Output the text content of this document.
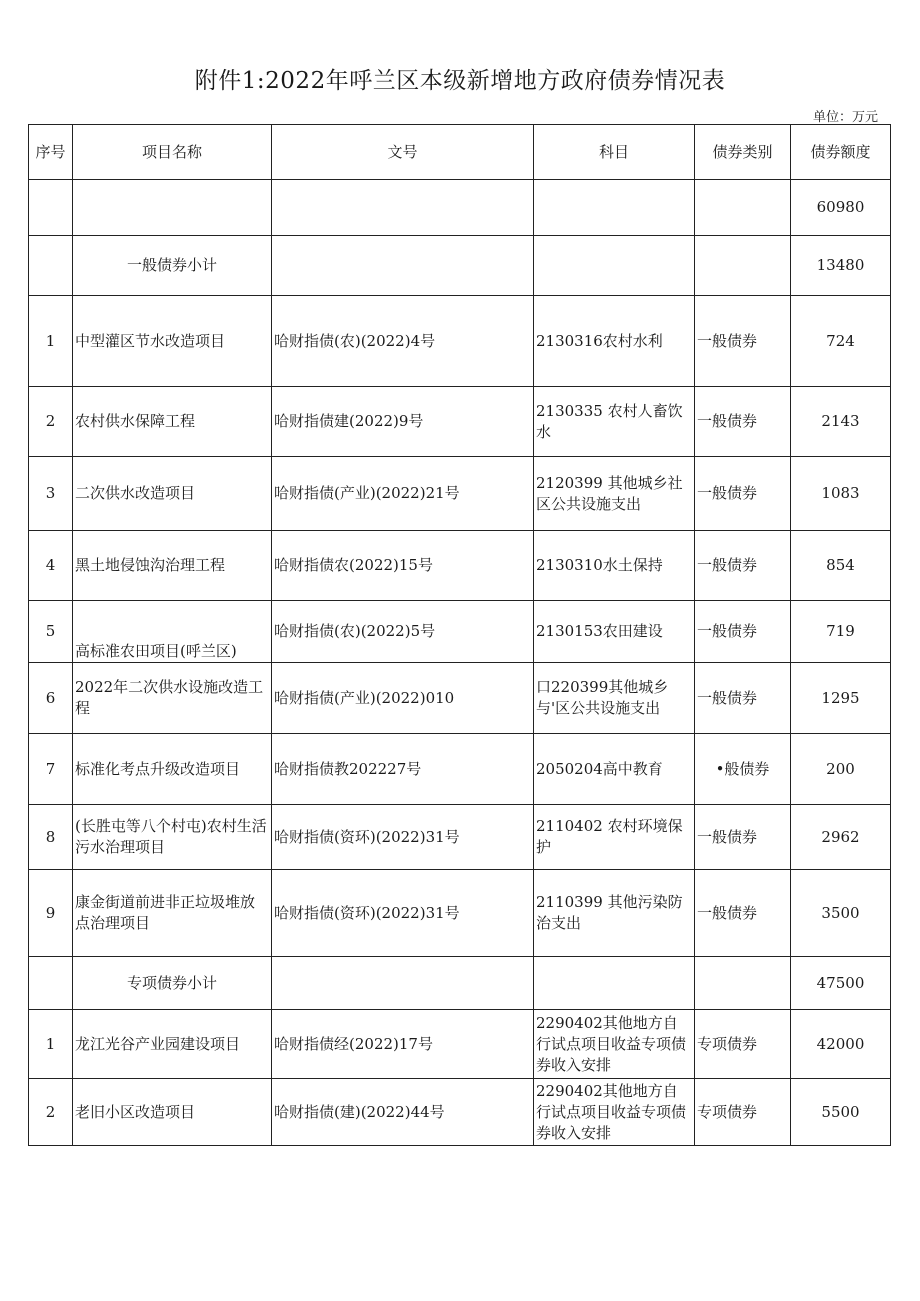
附件1:2022年呼兰区本级新增地方政府债券情况表
单位：万元
序号	项目名称	文号	科目	债券类别	债券额度
					60980
	一般债券小计				13480
1	中型灌区节水改造项目	哈财指债(农)(2022)4号	2130316农村水利	一般债券	724
2	农村供水保障工程	哈财指债建(2022)9号	2130335 农村人畜饮水	一般债券	2143
3	二次供水改造项目	哈财指债(产业)(2022)21号	2120399 其他城乡社区公共设施支出	一般债券	1083
4	黑土地侵蚀沟治理工程	哈财指债农(2022)15号	2130310水土保持	一般债券	854
5	高标准农田项目(呼兰区)	哈财指债(农)(2022)5号	2130153农田建设	一般债券	719
6	2022年二次供水设施改造工程	哈财指债(产业)(2022)010	口220399其他城乡与'区公共设施支出	一般债券	1295
7	标准化考点升级改造项目	哈财指债教202227号	2050204高中教育	•般债券	200
8	(长胜屯等八个村屯)农村生活污水治理项目	哈财指债(资环)(2022)31号	2110402 农村环境保护	一般债券	2962
9	康金街道前进非正垃圾堆放点治理项目	哈财指债(资环)(2022)31号	2110399 其他污染防治支出	一般债券	3500
	专项债券小计				47500
1	龙江光谷产业园建设项目	哈财指债经(2022)17号	2290402其他地方自行试点项目收益专项债券收入安排	专项债券	42000
2	老旧小区改造项目	哈财指债(建)(2022)44号	2290402其他地方自行试点项目收益专项债券收入安排	专项债券	5500
